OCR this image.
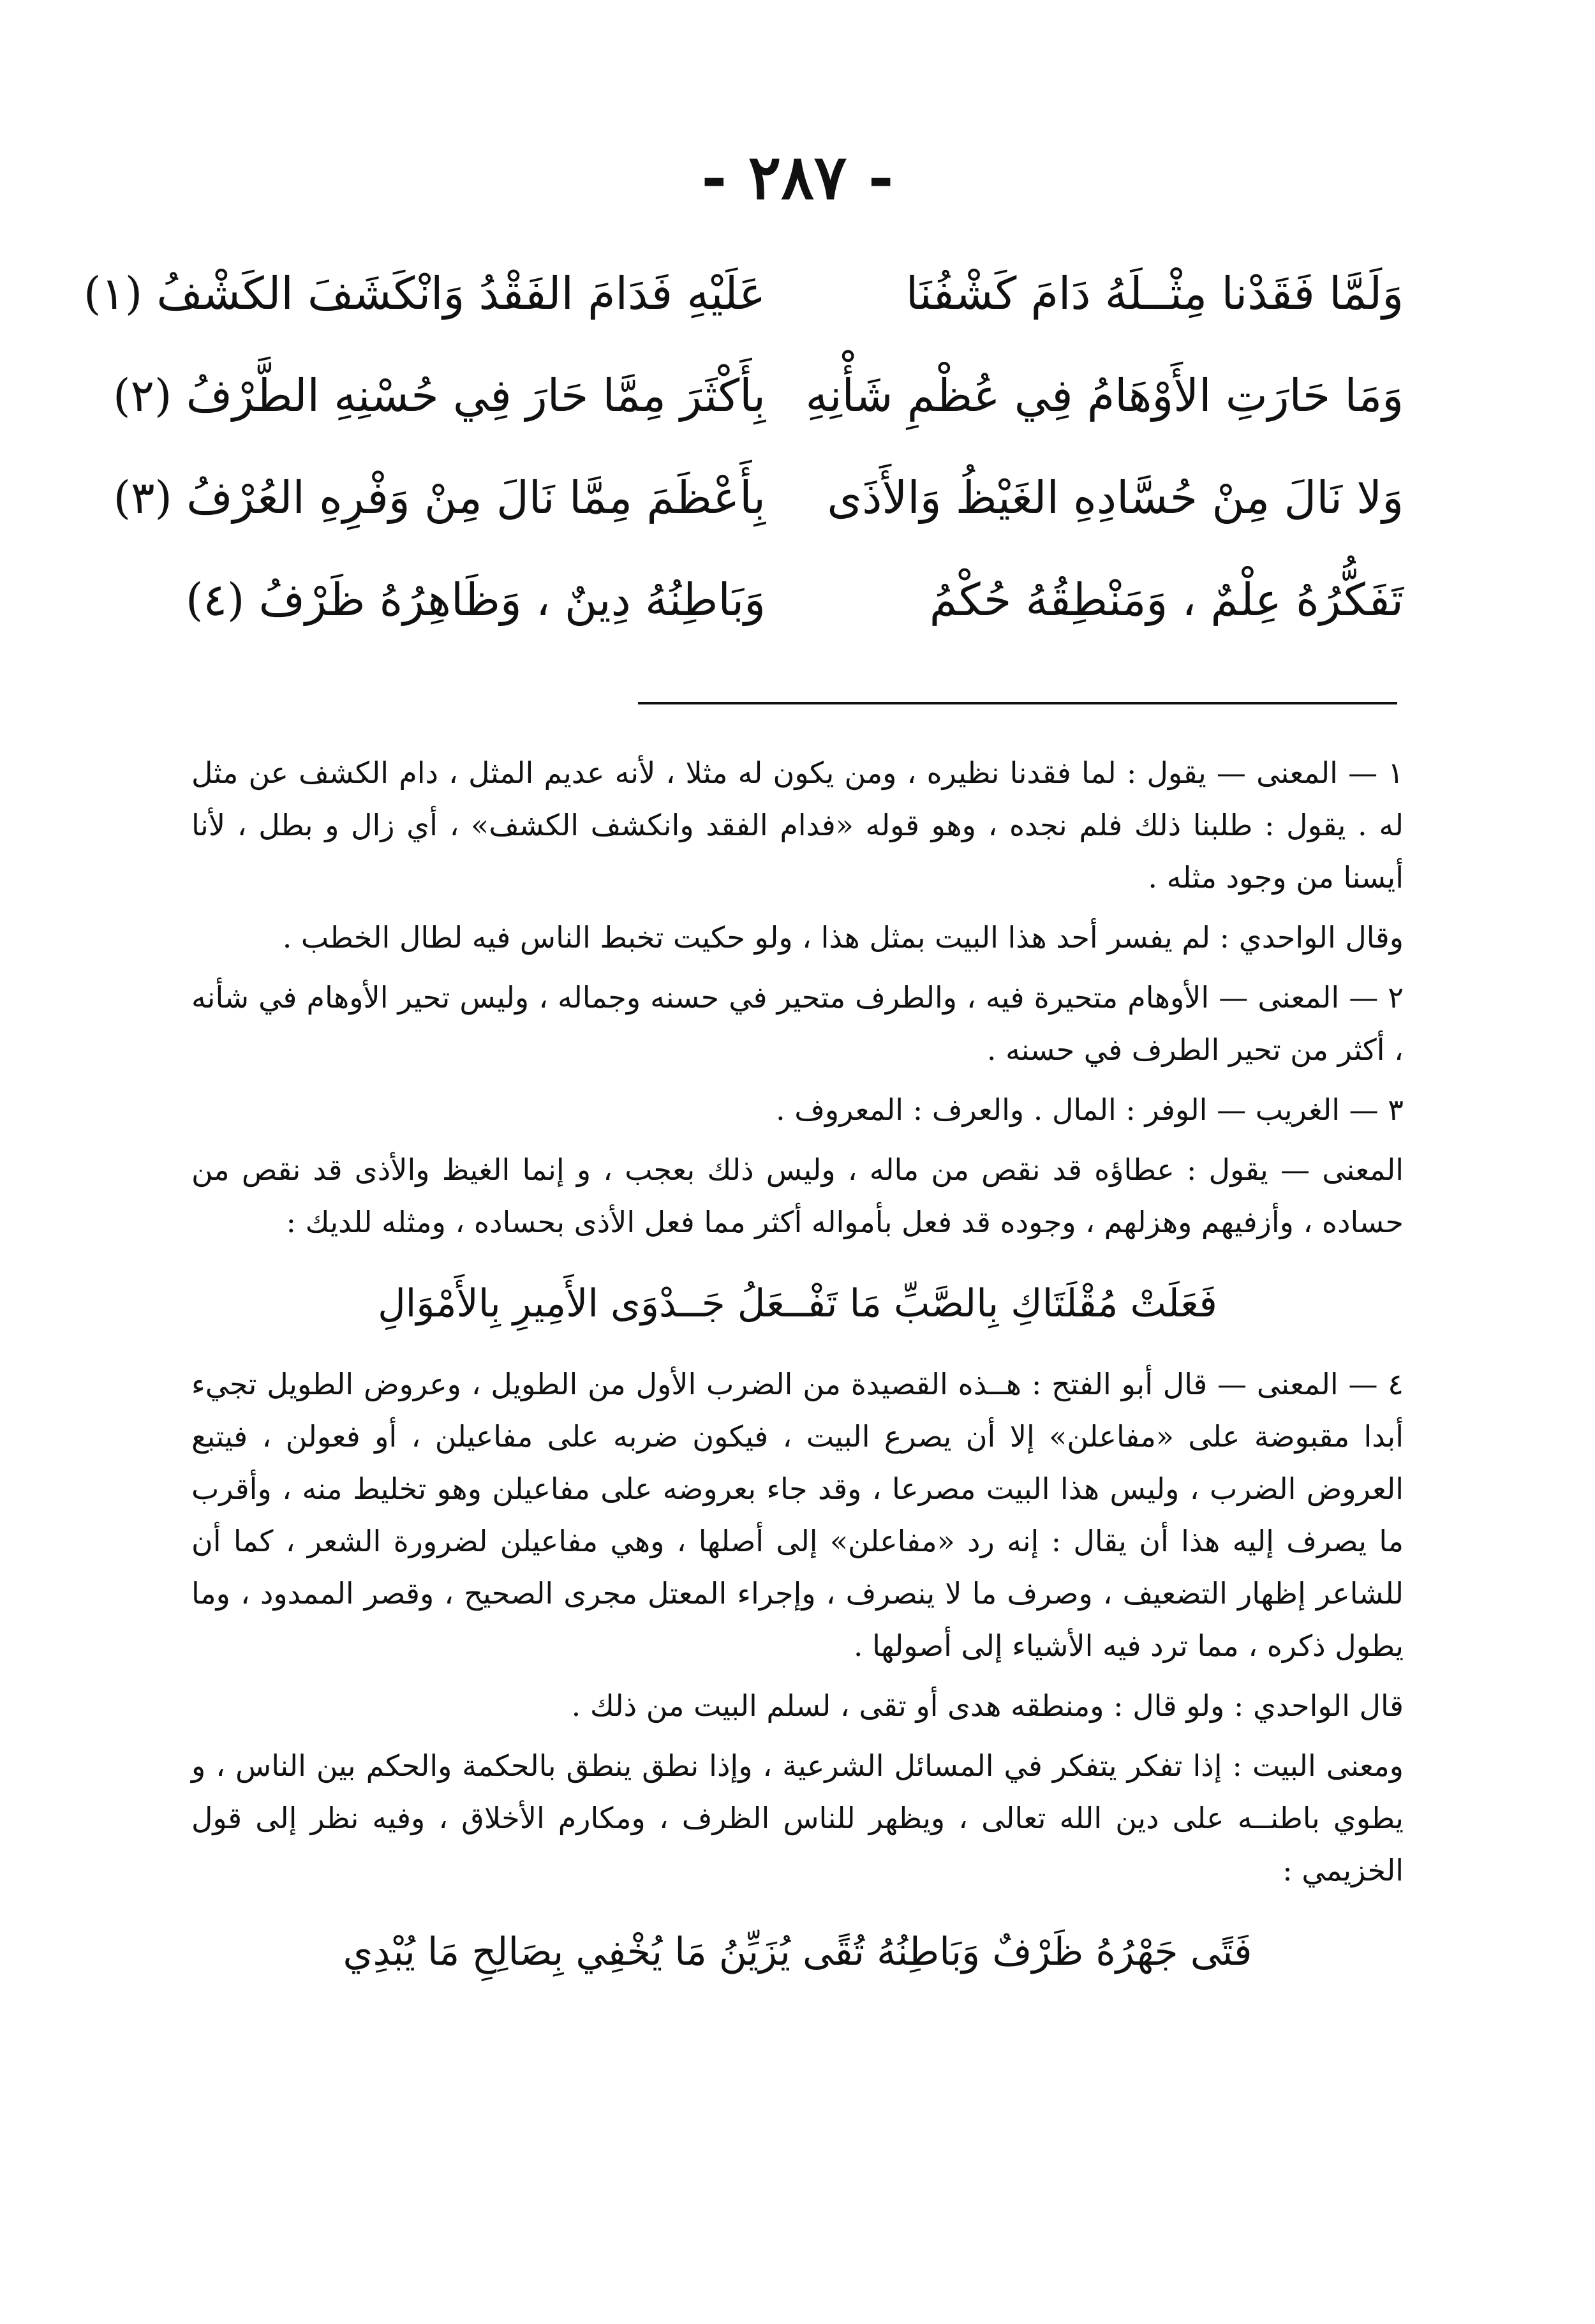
- ٢٨٧ -
وَلَمَّا فَقَدْنا مِثْــلَهُ دَامَ كَشْفُنَا
عَلَيْهِ فَدَامَ الفَقْدُ وَانْكَشَفَ الكَشْفُ (١)
وَمَا حَارَتِ الأَوْهَامُ فِي عُظْمِ شَأْنِهِ
بِأَكْثَرَ مِمَّا حَارَ فِي حُسْنِهِ الطَّرْفُ (٢)
وَلا نَالَ مِنْ حُسَّادِهِ الغَيْظُ وَالأَذَى
بِأَعْظَمَ مِمَّا نَالَ مِنْ وَفْرِهِ العُرْفُ (٣)
تَفَكُّرُهُ عِلْمٌ ، وَمَنْطِقُهُ حُكْمُ
وَبَاطِنُهُ دِينٌ ، وَظَاهِرُهُ ظَرْفُ (٤)

١ — المعنى — يقول : لما فقدنا نظيره ، ومن يكون له مثلا ، لأنه عديم المثل ، دام الكشف عن مثل له . يقول : طلبنا ذلك فلم نجده ، وهو قوله «فدام الفقد وانكشف الكشف» ، أي زال و بطل ، لأنا أيسنا من وجود مثله .

وقال الواحدي : لم يفسر أحد هذا البيت بمثل هذا ، ولو حكيت تخبط الناس فيه لطال الخطب .

٢ — المعنى — الأوهام متحيرة فيه ، والطرف متحير في حسنه وجماله ، وليس تحير الأوهام في شأنه ، أكثر من تحير الطرف في حسنه .

٣ — الغريب — الوفر : المال . والعرف : المعروف .

المعنى — يقول : عطاؤه قد نقص من ماله ، وليس ذلك بعجب ، و إنما الغيظ والأذى قد نقص من حساده ، وأزفيهم وهزلهم ، وجوده قد فعل بأمواله أكثر مما فعل الأذى بحساده ، ومثله للديك :

فَعَلَتْ مُقْلَتَاكِ بِالصَّبِّ مَا تَفْــعَلُ جَــدْوَى الأَمِيرِ بِالأَمْوَالِ

٤ — المعنى — قال أبو الفتح : هــذه القصيدة من الضرب الأول من الطويل ، وعروض الطويل تجيء أبدا مقبوضة على «مفاعلن» إلا أن يصرع البيت ، فيكون ضربه على مفاعيلن ، أو فعولن ، فيتبع العروض الضرب ، وليس هذا البيت مصرعا ، وقد جاء بعروضه على مفاعيلن وهو تخليط منه ، وأقرب ما يصرف إليه هذا أن يقال : إنه رد «مفاعلن» إلى أصلها ، وهي مفاعيلن لضرورة الشعر ، كما أن للشاعر إظهار التضعيف ، وصرف ما لا ينصرف ، وإجراء المعتل مجرى الصحيح ، وقصر الممدود ، وما يطول ذكره ، مما ترد فيه الأشياء إلى أصولها .

قال الواحدي : ولو قال : ومنطقه هدى أو تقى ، لسلم البيت من ذلك .

ومعنى البيت : إذا تفكر يتفكر في المسائل الشرعية ، وإذا نطق ينطق بالحكمة والحكم بين الناس ، و يطوي باطنــه على دين الله تعالى ، ويظهر للناس الظرف ، ومكارم الأخلاق ، وفيه نظر إلى قول الخزيمي :

فَتًى جَهْرُهُ ظَرْفٌ وَبَاطِنُهُ تُقًى يُزَيِّنُ مَا يُخْفِي بِصَالِحِ مَا يُبْدِي
